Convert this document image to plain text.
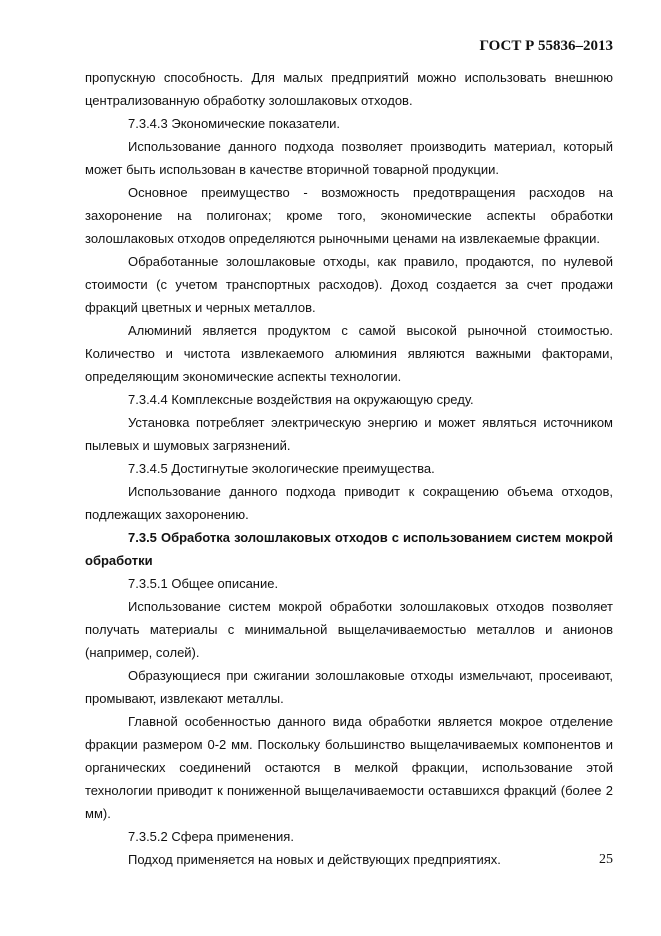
ГОСТ Р 55836–2013

пропускную способность. Для малых предприятий можно использовать внешнюю централизованную обработку золошлаковых отходов.

7.3.4.3 Экономические показатели.

Использование данного подхода позволяет производить материал, который может быть использован в качестве вторичной товарной продукции.

Основное преимущество - возможность предотвращения расходов на захоронение на полигонах; кроме того, экономические аспекты обработки золошлаковых отходов определяются рыночными ценами на извлекаемые фракции.

Обработанные золошлаковые отходы, как правило, продаются, по нулевой стоимости (с учетом транспортных расходов). Доход создается за счет продажи фракций цветных и черных металлов.

Алюминий является продуктом с самой высокой рыночной стоимостью. Количество и чистота извлекаемого алюминия являются важными факторами, определяющим экономические аспекты технологии.

7.3.4.4 Комплексные воздействия на окружающую среду.

Установка потребляет электрическую энергию и может являться источником пылевых и шумовых загрязнений.

7.3.4.5 Достигнутые экологические преимущества.

Использование данного подхода приводит к сокращению объема отходов, подлежащих захоронению.

7.3.5 Обработка золошлаковых отходов с использованием систем мокрой обработки

7.3.5.1 Общее описание.

Использование систем мокрой обработки золошлаковых отходов позволяет получать материалы с минимальной выщелачиваемостью металлов и анионов (например, солей).

Образующиеся при сжигании золошлаковые отходы измельчают, просеивают, промывают, извлекают металлы.

Главной особенностью данного вида обработки является мокрое отделение фракции размером 0-2 мм. Поскольку большинство выщелачиваемых компонентов и органических соединений остаются в мелкой фракции, использование этой технологии приводит к пониженной выщелачиваемости оставшихся фракций (более 2 мм).

7.3.5.2 Сфера применения.

Подход применяется на новых и действующих предприятиях.	25
